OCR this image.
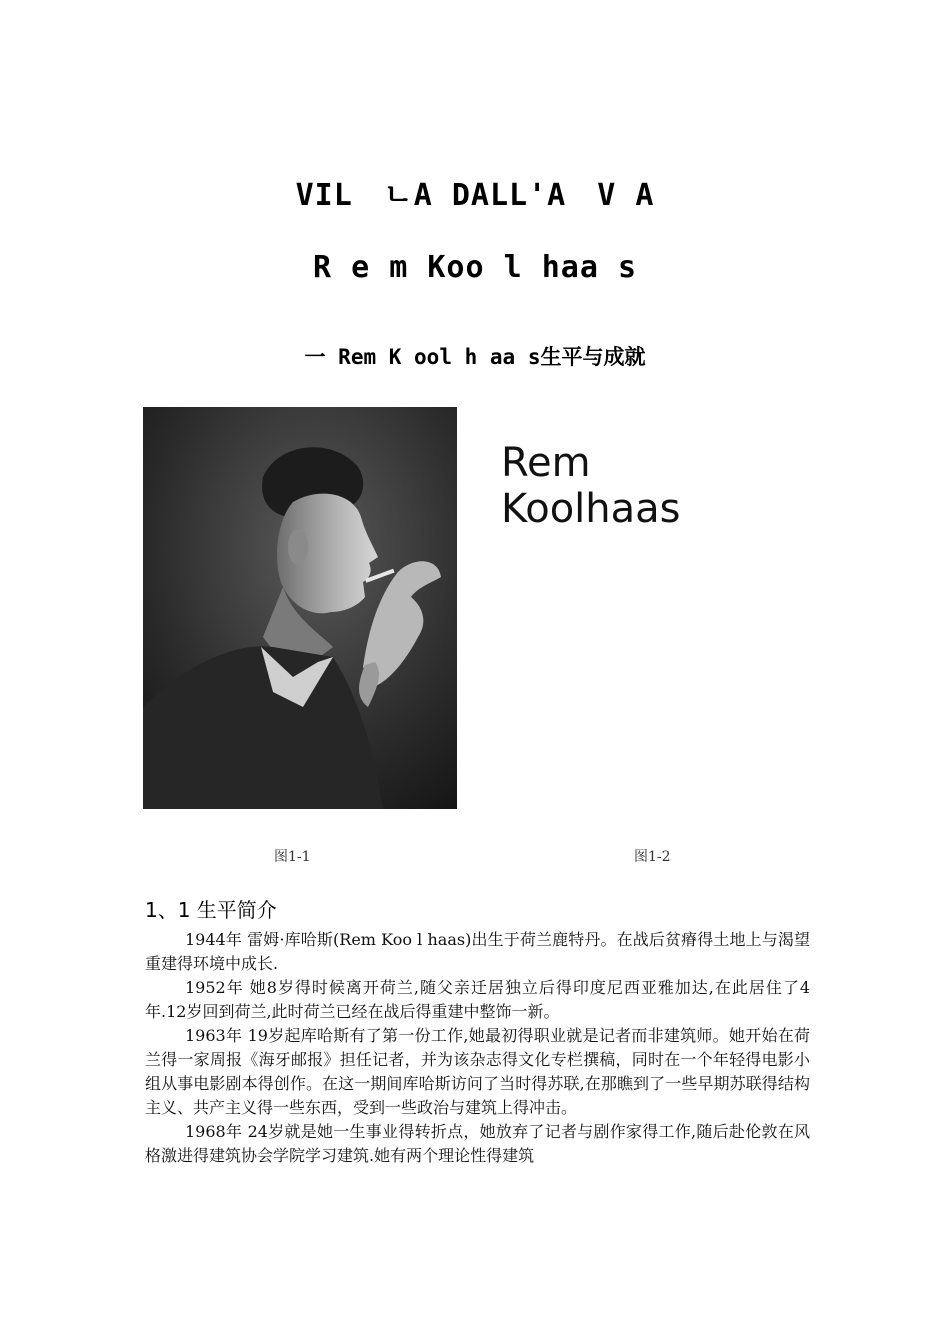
VIL　ㄴA DALL'A　V A
R e m Koo l haa s
一 Rem K ool h aa s生平与成就
Rem Koolhaas
图1-1	图1-2
1、1 生平简介

1944年 雷姆·库哈斯(Rem Koo l haas)出生于荷兰鹿特丹。在战后贫瘠得土地上与渴望重建得环境中成长.

1952年 她8岁得时候离开荷兰,随父亲迁居独立后得印度尼西亚雅加达,在此居住了4年.12岁回到荷兰,此时荷兰已经在战后得重建中整饰一新。

1963年 19岁起库哈斯有了第一份工作,她最初得职业就是记者而非建筑师。她开始在荷兰得一家周报《海牙邮报》担任记者，并为该杂志得文化专栏撰稿，同时在一个年轻得电影小组从事电影剧本得创作。在这一期间库哈斯访问了当时得苏联,在那瞧到了一些早期苏联得结构主义、共产主义得一些东西，受到一些政治与建筑上得冲击。

1968年 24岁就是她一生事业得转折点，她放弃了记者与剧作家得工作,随后赴伦敦在风格激进得建筑协会学院学习建筑.她有两个理论性得建筑
